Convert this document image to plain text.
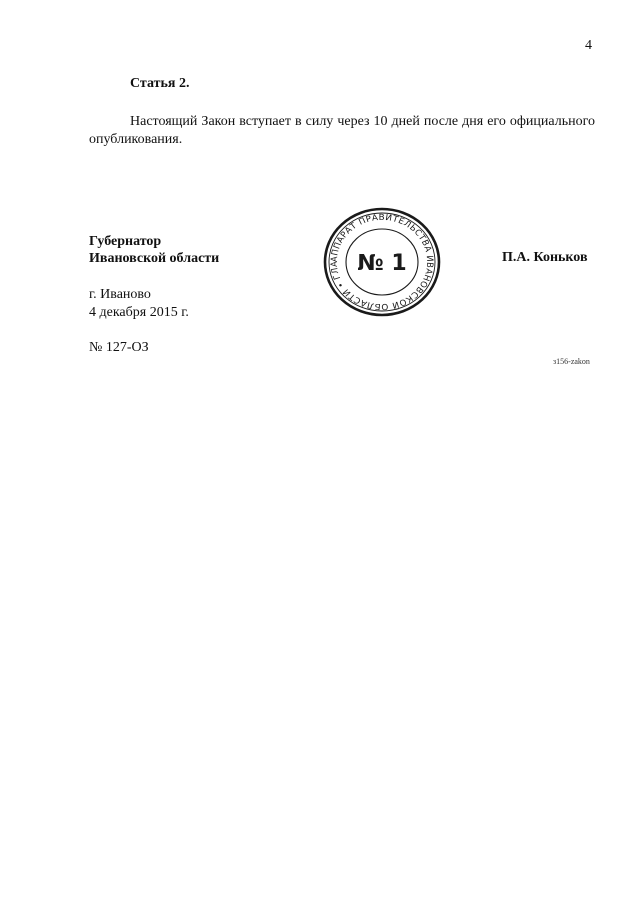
4
Статья 2.
Настоящий Закон вступает в силу через 10 дней после дня его официального опубликования.
Губернатор
Ивановской области	АППАРАТ ПРАВИТЕЛЬСТВА ИВАНОВСКОЙ ОБЛАСТИ • ГЛА № 1	П.А. Коньков
г. Иваново
4 декабря 2015 г.
№ 127-ОЗ
з156-zakon
